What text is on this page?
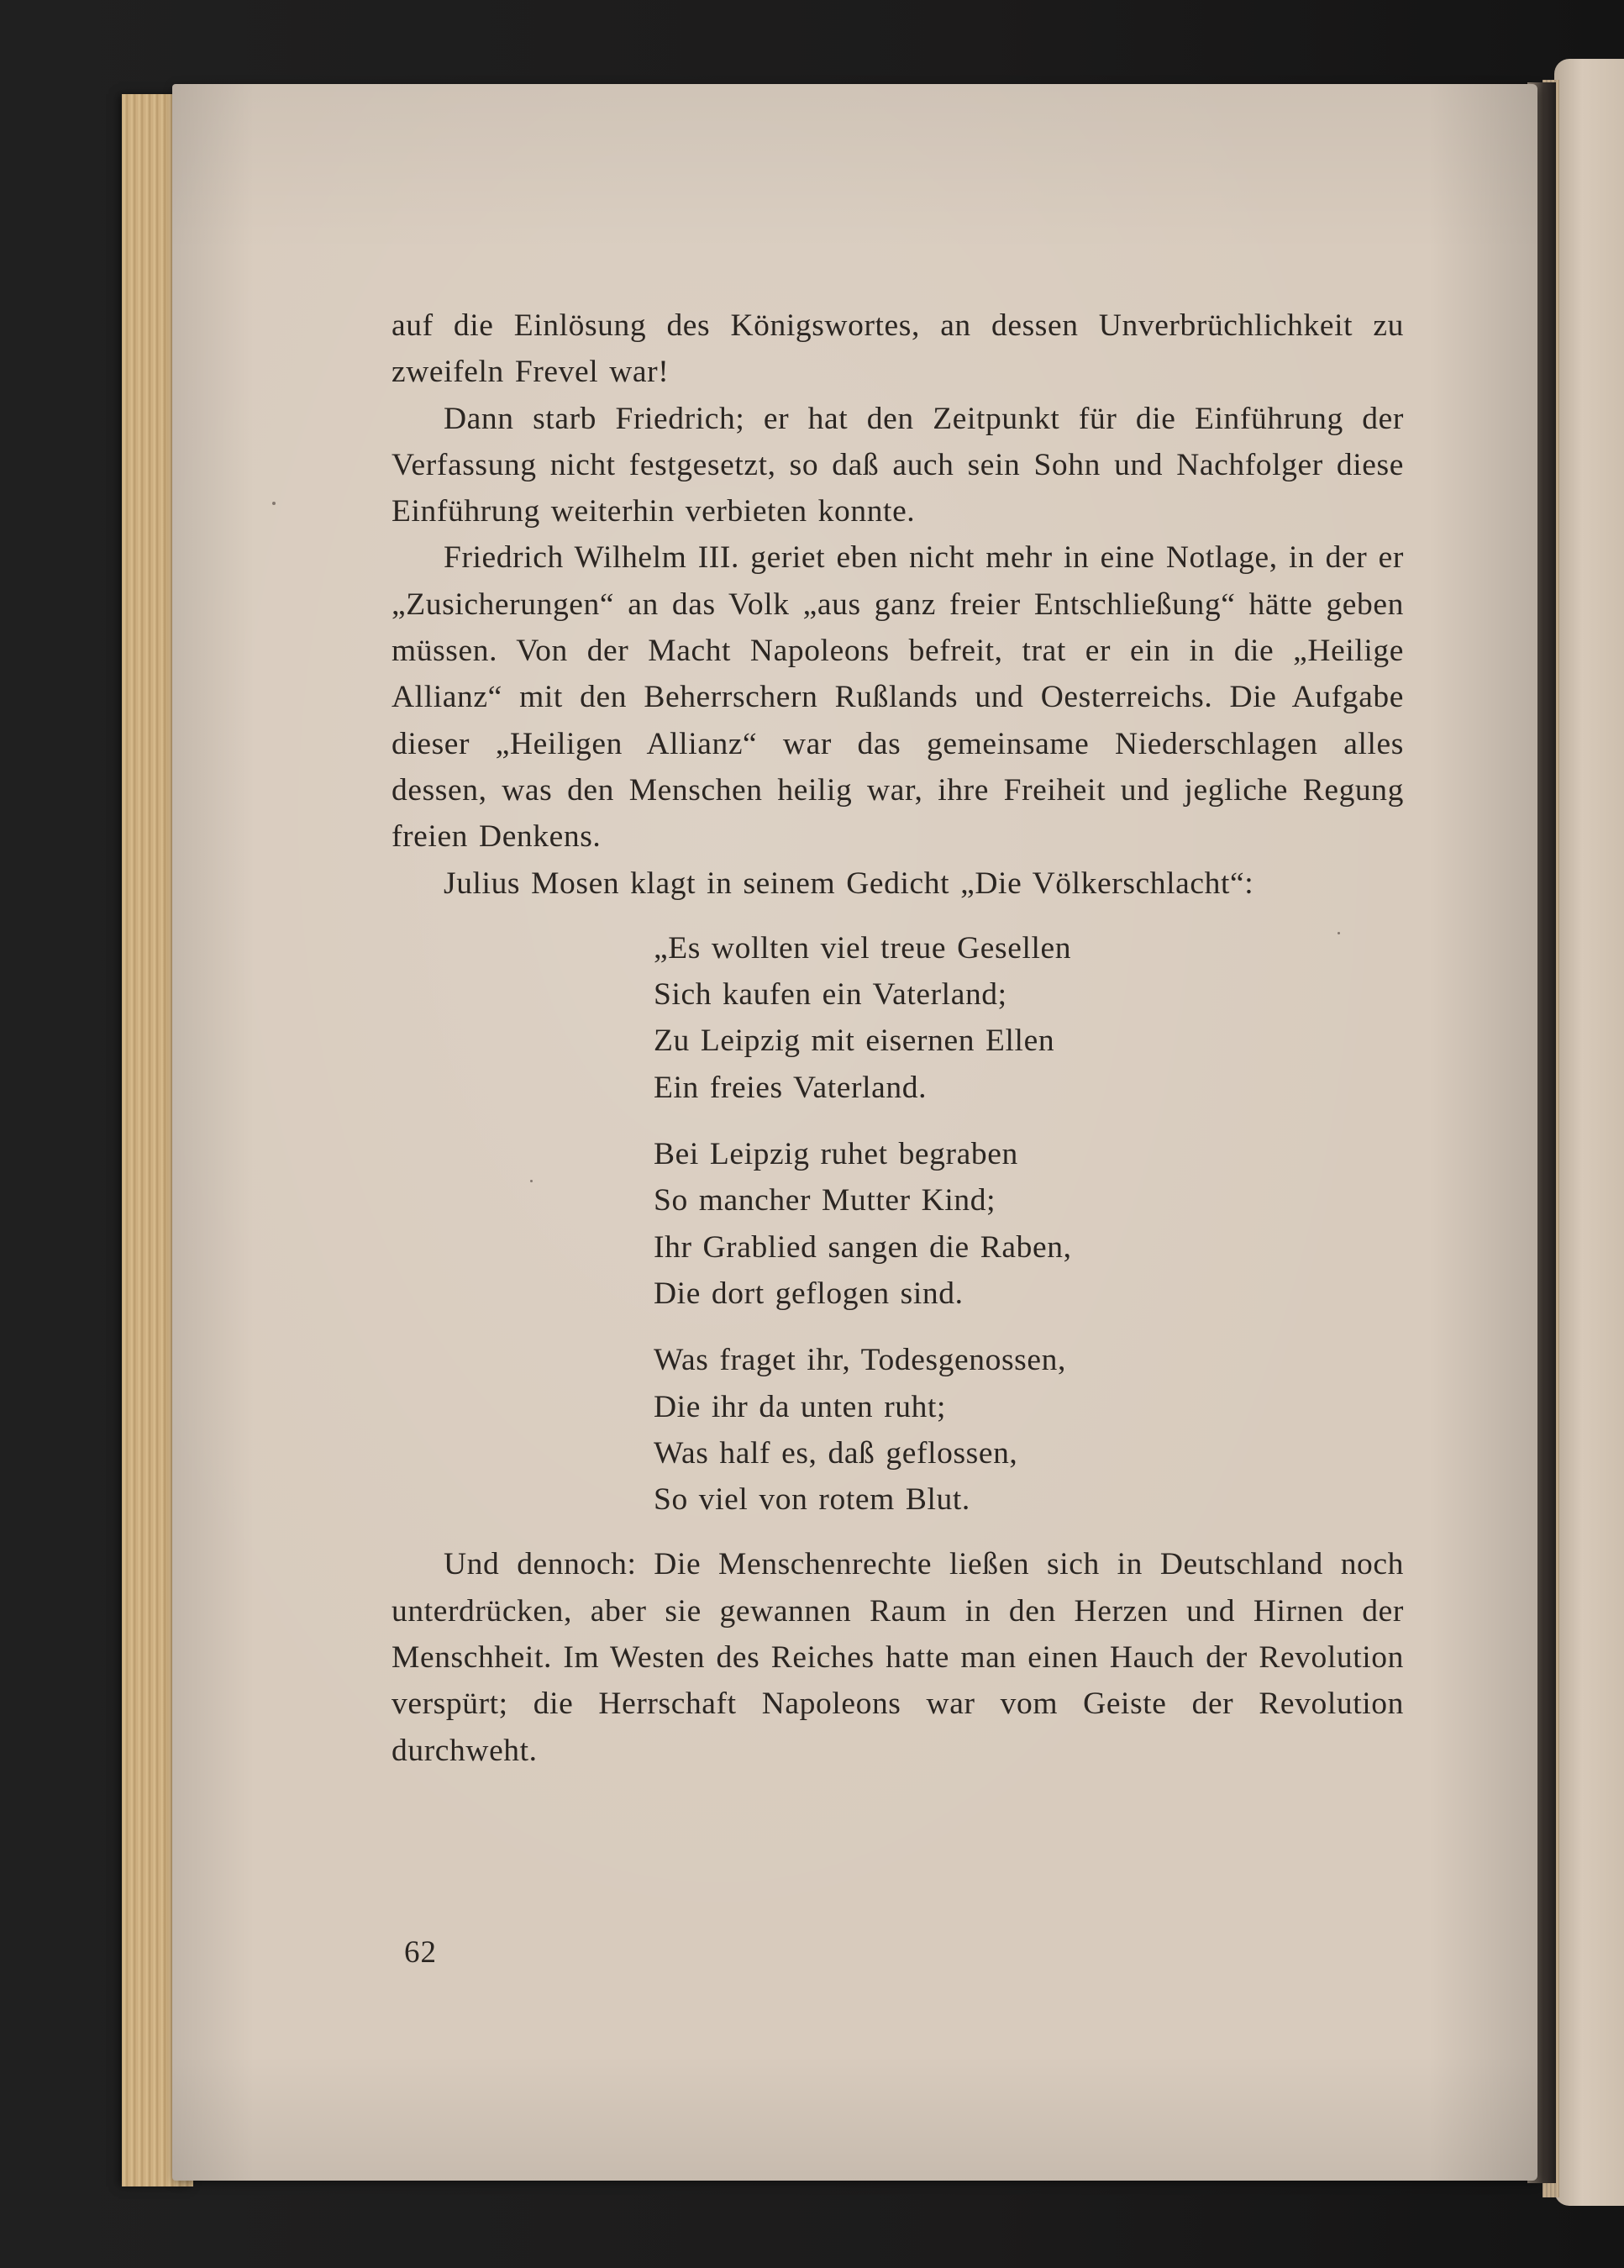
auf die Einlösung des Königswortes, an dessen Unverbrüchlichkeit zu zweifeln Frevel war!

Dann starb Friedrich; er hat den Zeitpunkt für die Einführung der Verfassung nicht festgesetzt, so daß auch sein Sohn und Nachfolger diese Einführung weiterhin verbieten konnte.

Friedrich Wilhelm III. geriet eben nicht mehr in eine Notlage, in der er „Zusicherungen“ an das Volk „aus ganz freier Entschließung“ hätte geben müssen. Von der Macht Napoleons befreit, trat er ein in die „Heilige Allianz“ mit den Beherrschern Rußlands und Oesterreichs. Die Aufgabe dieser „Heiligen Allianz“ war das gemeinsame Niederschlagen alles dessen, was den Menschen heilig war, ihre Freiheit und jegliche Regung freien Denkens.

Julius Mosen klagt in seinem Gedicht „Die Völkerschlacht“:

„Es wollten viel treue Gesellen
Sich kaufen ein Vaterland;
Zu Leipzig mit eisernen Ellen
Ein freies Vaterland.
Bei Leipzig ruhet begraben
So mancher Mutter Kind;
Ihr Grablied sangen die Raben,
Die dort geflogen sind.
Was fraget ihr, Todesgenossen,
Die ihr da unten ruht;
Was half es, daß geflossen,
So viel von rotem Blut.

Und dennoch: Die Menschenrechte ließen sich in Deutschland noch unterdrücken, aber sie gewannen Raum in den Herzen und Hirnen der Menschheit. Im Westen des Reiches hatte man einen Hauch der Revolution verspürt; die Herrschaft Napoleons war vom Geiste der Revolution durchweht.

62
